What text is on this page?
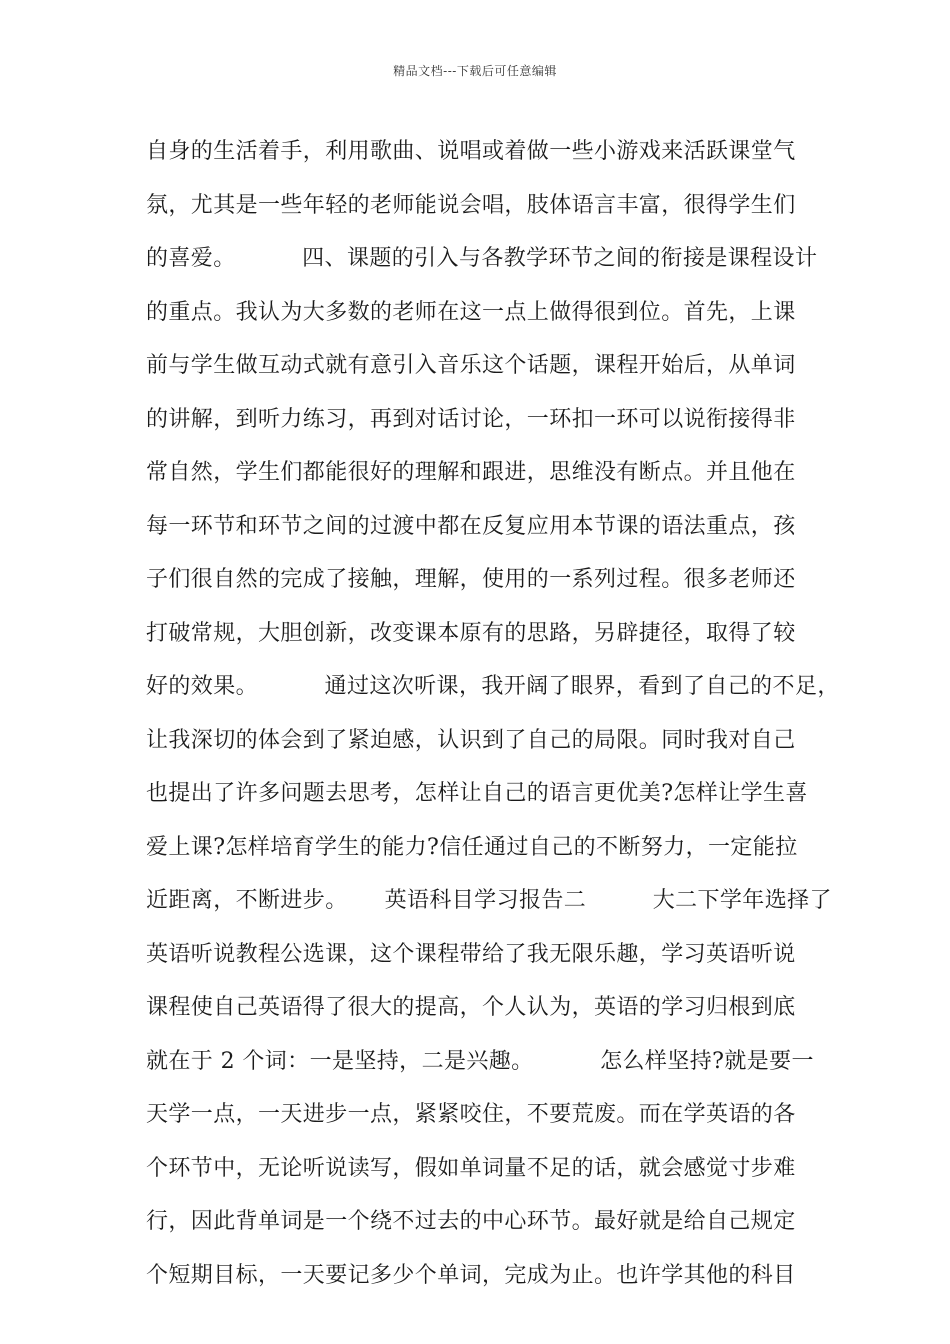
精品文档---下载后可任意编辑
自身的生活着手，利用歌曲、说唱或着做一些小游戏来活跃课堂气
氛，尤其是一些年轻的老师能说会唱，肢体语言丰富，很得学生们
的喜爱。         四、课题的引入与各教学环节之间的衔接是课程设计
的重点。我认为大多数的老师在这一点上做得很到位。首先，上课
前与学生做互动式就有意引入音乐这个话题，课程开始后，从单词
的讲解，到听力练习，再到对话讨论，一环扣一环可以说衔接得非
常自然，学生们都能很好的理解和跟进，思维没有断点。并且他在
每一环节和环节之间的过渡中都在反复应用本节课的语法重点，孩
子们很自然的完成了接触，理解，使用的一系列过程。很多老师还
打破常规，大胆创新，改变课本原有的思路，另辟捷径，取得了较
好的效果。         通过这次听课，我开阔了眼界，看到了自己的不足，
让我深切的体会到了紧迫感，认识到了自己的局限。同时我对自己
也提出了许多问题去思考，怎样让自己的语言更优美?怎样让学生喜
爱上课?怎样培育学生的能力?信任通过自己的不断努力，一定能拉
近距离，不断进步。     英语科目学习报告二         大二下学年选择了
英语听说教程公选课，这个课程带给了我无限乐趣，学习英语听说
课程使自己英语得了很大的提高，个人认为，英语的学习归根到底
就在于 2 个词：一是坚持，二是兴趣。         怎么样坚持?就是要一
天学一点，一天进步一点，紧紧咬住，不要荒废。而在学英语的各
个环节中，无论听说读写，假如单词量不足的话，就会感觉寸步难
行，因此背单词是一个绕不过去的中心环节。最好就是给自己规定
个短期目标，一天要记多少个单词，完成为止。也许学其他的科目
